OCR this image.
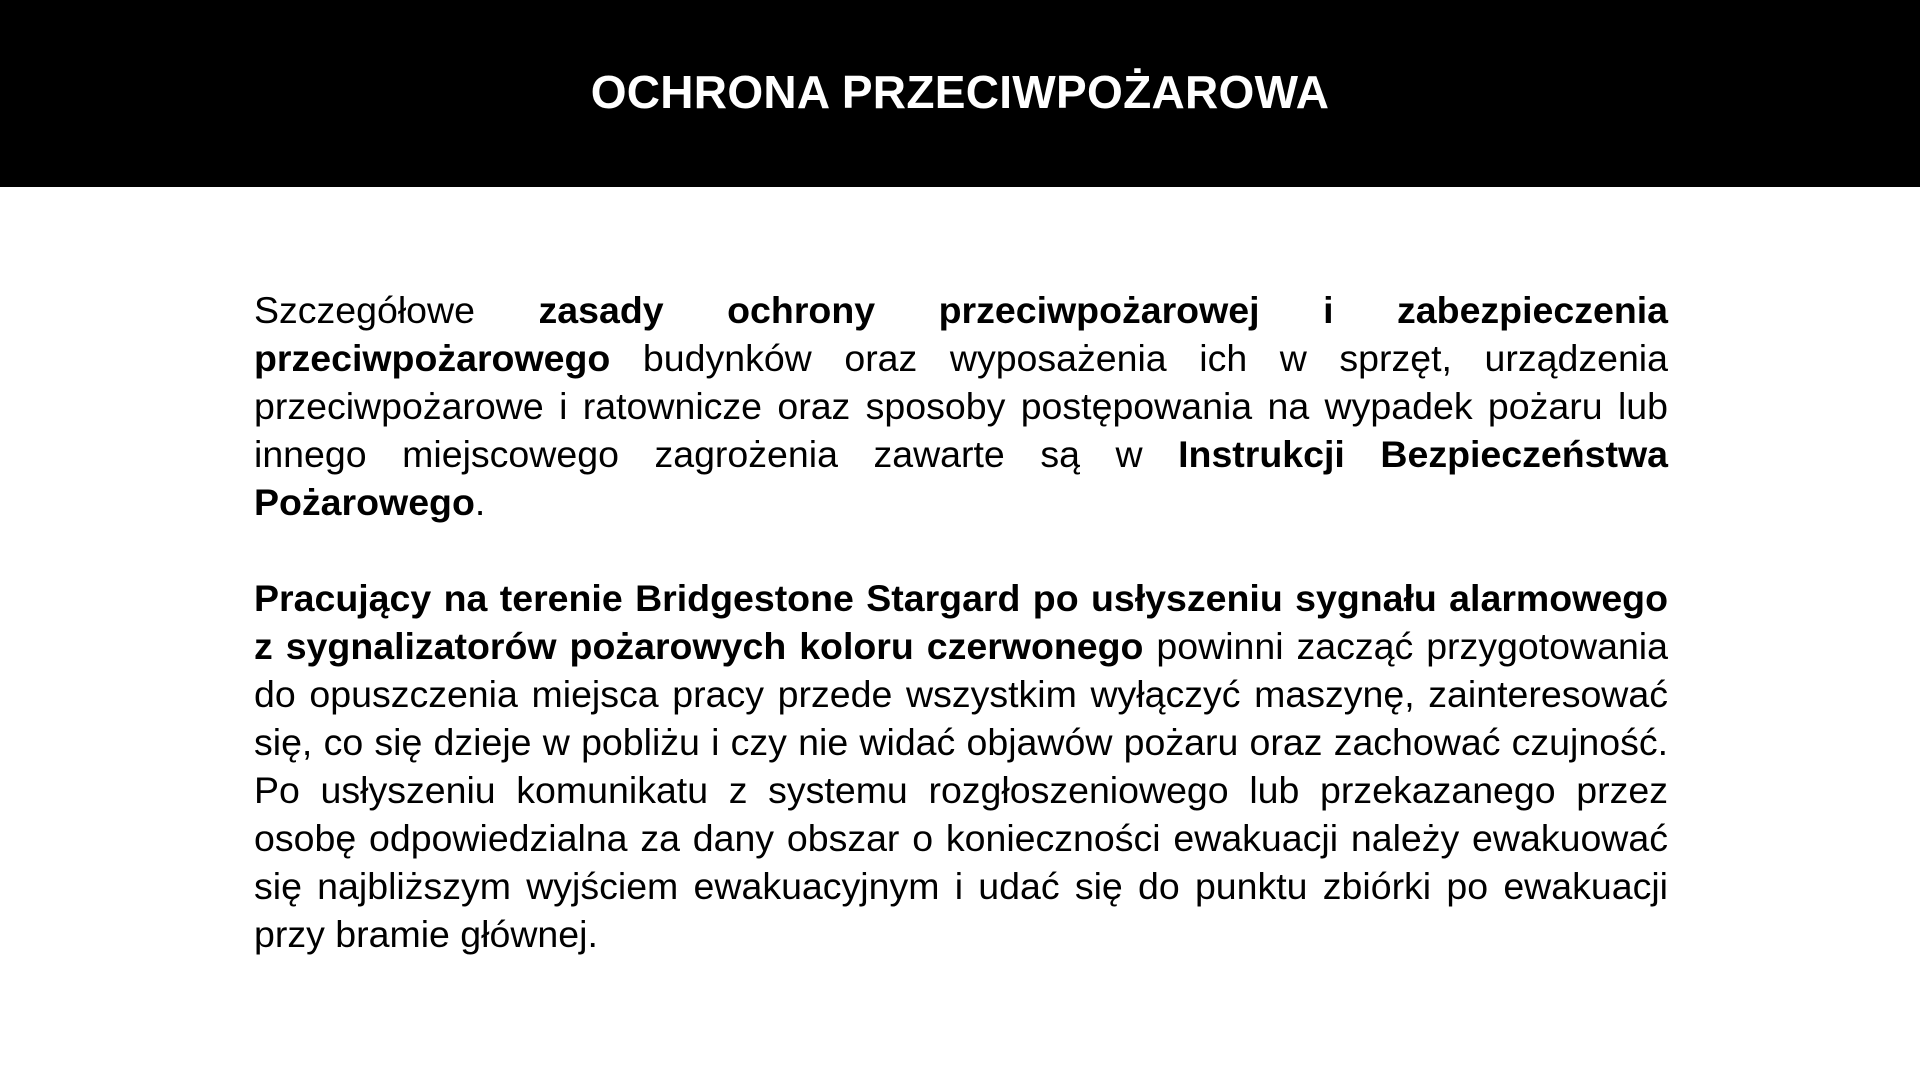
OCHRONA PRZECIWPOŻAROWA

Szczegółowe zasady ochrony przeciwpożarowej i zabezpieczenia przeciwpożarowego budynków oraz wyposażenia ich w sprzęt, urządzenia przeciwpożarowe i ratownicze oraz sposoby postępowania na wypadek pożaru lub innego miejscowego zagrożenia zawarte są w Instrukcji Bezpieczeństwa Pożarowego.

Pracujący na terenie Bridgestone Stargard po usłyszeniu sygnału alarmowego z sygnalizatorów pożarowych koloru czerwonego powinni zacząć przygotowania do opuszczenia miejsca pracy przede wszystkim wyłączyć maszynę, zainteresować się, co się dzieje w pobliżu i czy nie widać objawów pożaru oraz zachować czujność. Po usłyszeniu komunikatu z systemu rozgłoszeniowego lub przekazanego przez osobę odpowiedzialna za dany obszar o konieczności ewakuacji należy ewakuować się najbliższym wyjściem ewakuacyjnym i udać się do punktu zbiórki po ewakuacji przy bramie głównej.
